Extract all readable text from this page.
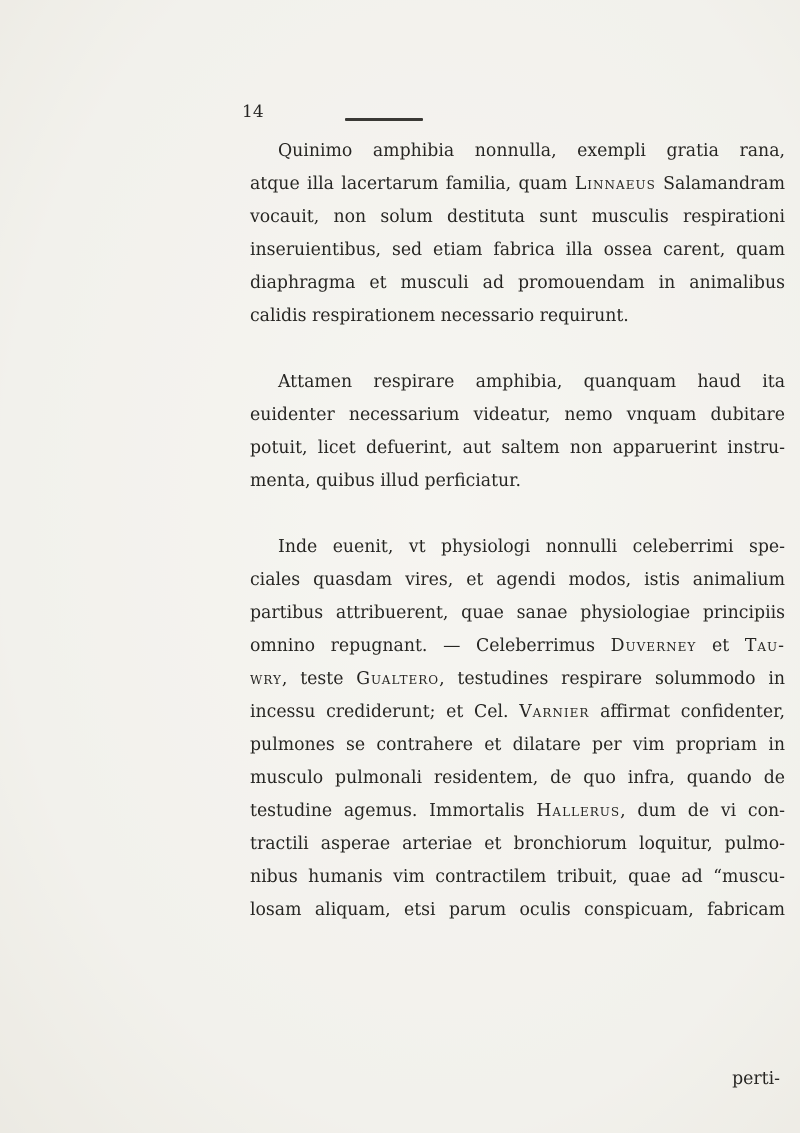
14
Quinimo amphibia nonnulla, exempli gratia rana,
atque illa lacertarum familia, quam Linnaeus Salamandram
vocauit, non solum destituta sunt musculis respirationi
inseruientibus, sed etiam fabrica illa ossea carent, quam
diaphragma et musculi ad promouendam in animalibus
calidis respirationem necessario requirunt.
Attamen respirare amphibia, quanquam haud ita
euidenter necessarium videatur, nemo vnquam dubitare
potuit, licet defuerint, aut saltem non apparuerint instru-
menta, quibus illud perficiatur.
Inde euenit, vt physiologi nonnulli celeberrimi spe-
ciales quasdam vires, et agendi modos, istis animalium
partibus attribuerent, quae sanae physiologiae principiis
omnino repugnant. — Celeberrimus Duverney et Tau-
wry, teste Gualtero, testudines respirare solummodo in
incessu crediderunt; et Cel. Varnier affirmat confidenter,
pulmones se contrahere et dilatare per vim propriam in
musculo pulmonali residentem, de quo infra, quando de
testudine agemus. Immortalis Hallerus, dum de vi con-
tractili asperae arteriae et bronchiorum loquitur, pulmo-
nibus humanis vim contractilem tribuit, quae ad “muscu-
losam aliquam, etsi parum oculis conspicuam, fabricam
perti-
